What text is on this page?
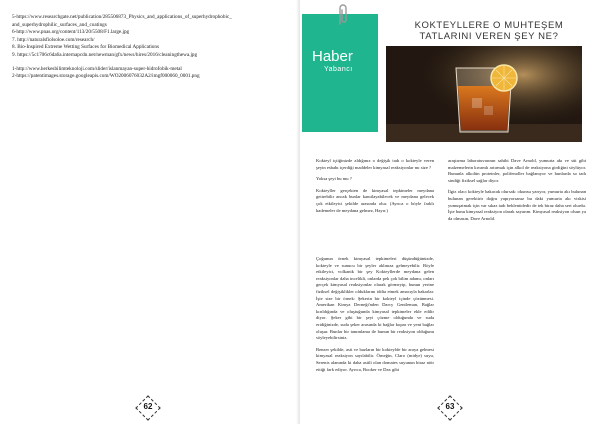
5-https://www.researchgate.net/publication/285506873_Physics_and_applications_of_superhydrophobic_
and_superhydrophilic_surfaces_and_coatings
6-http://www.pnas.org/content/113/20/5508/F1.large.jpg
7. http://naturalsfiolsoloe.com/research/
8. Bio-Inspired Extreme Wetting Surfaces for Biomedical Applications
9. https://5c1706c6da6a.internapcdn.net/newman/gfx/news/hires/2016/cleaningthewa.jpg
1-http://www.herkesbilimteknoloji.com/slider/islanmayan-super-hidrofobik-metal
2-https://patentimages.storage.googleapis.com/WO2006076032A2/imgf000060_0001.png
62
Haber
Yabancı
KOKTEYLLERE O MUHTEŞEM
TATLARINI VEREN ŞEY NE?

Kokteyl içtiğinizde aldığınız o değişik tadı o kokteyle veren şeyin esbabı içerdiği maddeler kimyasal reaksiyonlar mı size ?

Yoksa şeyi bu mu ?

Kokteyller gerçekten de kimyasal tepkimeler meydana getirebilir ancak bunlar kanıtlayabilecek ve meydana gelecek çok etkileyici şekilde arasında olur. (Ayrıca o böyle farklı kademeler de meydana gelmez, Hayır.)

Çoğunun örnek kimyasal tepkimeleri düşündüğünüzde, kokteyle ve sunucu bir şeyler aklınıza gelmeyebilir. Böyle etkileyici, volkanik bir şey Kokteyllerde meydana gelen reaksiyonlar daha incelikli, onlarda pek çok bilim adamı, onları gerçek kimyasal reaksiyonlar olarak görmeyip, bunun yerine fiziksel değişiklikler olduklarını iddia etmek amacıyla bakarlar. İşte size bir örnek: Şekerin bir kokteyl içinde çözünmesi. Amerikan Kimya Derneği'nden Darcy Gentleman, Bağlar kırıldığında ve oluştuğunda kimyasal tepkimeler ekle edilir diyor. Şeker gibi bir şeyi çözme olduğunda ve suda eridiğinizde, suda şeker arasında ki bağlar kopar ve yeni bağlar oluşur. Bunlar bir tanımlama ile bunun bir reaksiyon olduğunu söyleyebilirsiniz.

Benzer şekilde, asit ve bazların bir kokteylde bir araya gelmesi kimyasal reaksiyon sayılabilir. Örneğin, Claro (midye) suyu, Serenis alanında ki daha asitli olan domates suyunun biraz nötr ettiği fark ediyor. Ayrıca, Booker ve Dax gibi

araştırma laboratuvarının sahibi Dave Arnold, yumurta akı ve süt gibi malzemelerin kıvamlı artırmak için alkol de reaksiyona girdiğini söylüyor. Bununla alkolün proteinler, polifenoller bağlanıyor ve bunlarda so tadı sindiği fiziksel sağlar diyor.

İlgiz olacı kokteyle bakacak olursak: okunsu yarıyor, yumurta akı bulunan bulunan gerektirir doğru yapıyorsanız bu daki yumurta akı viskisi yumuşatmak için var sıkaz tadı beklentidedir de tek biraz daha sert olurdu. İşte bunu kimyasal reaksiyon olarak sayarım. Kimyasal reaksiyon olsun ya da olmasın, Dave Arnold.

63
